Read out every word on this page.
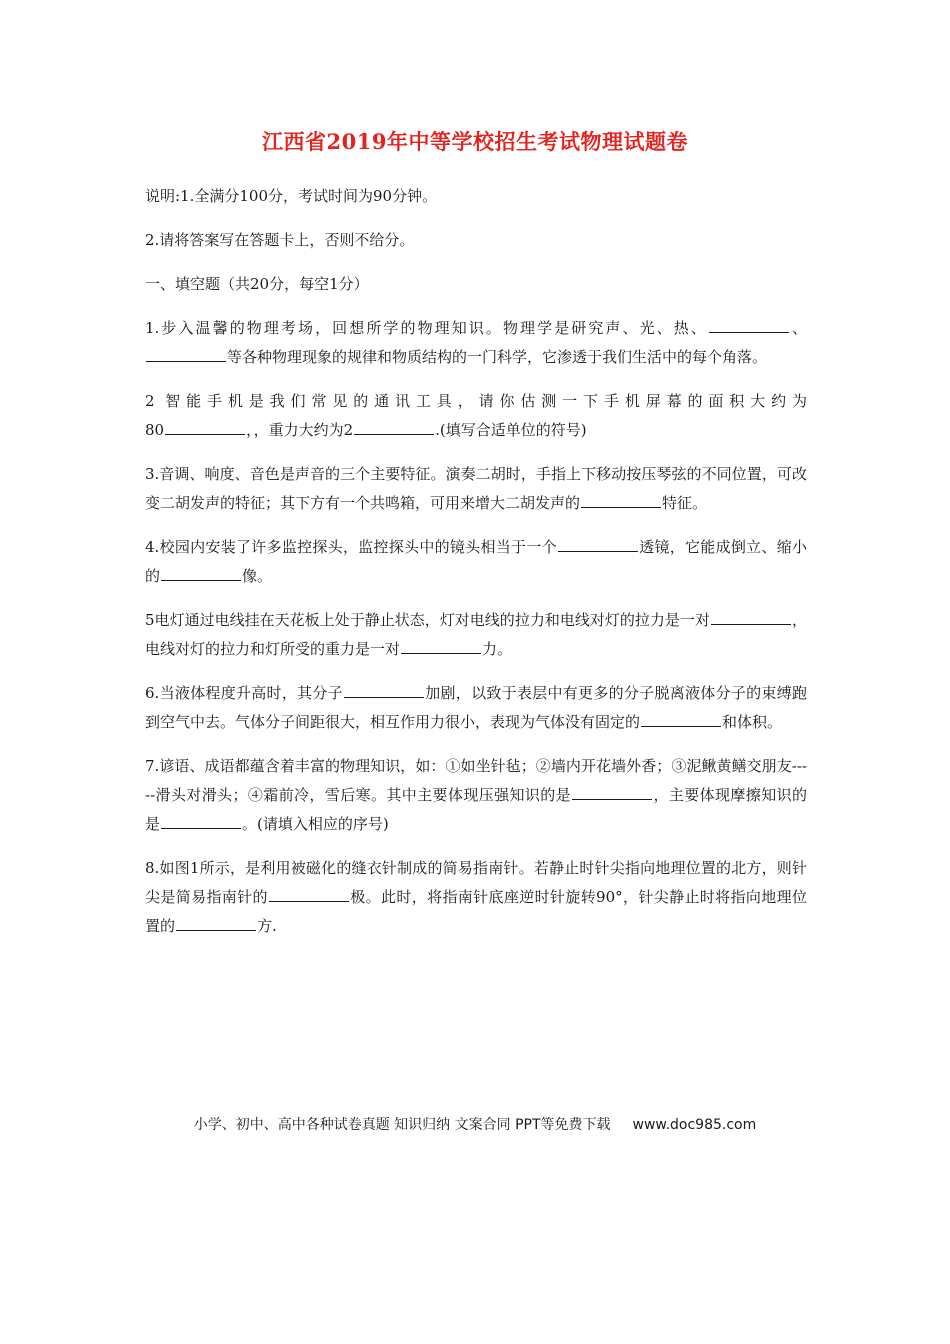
江西省2019年中等学校招生考试物理试题卷

说明:1.全满分100分，考试时间为90分钟。

2.请将答案写在答题卡上，否则不给分。

一、填空题（共20分，每空1分）

1.步入温馨的物理考场，回想所学的物理知识。物理学是研究声、光、热、	、等各种物理现象的规律和物质结构的一门科学，它渗透于我们生活中的每个角落。

2 智能手机是我们常见的通讯工具，请你估测一下手机屏幕的面积大约为
80	，，重力大约为2	.(填写合适单位的符号)

3.音调、响度、音色是声音的三个主要特征。演奏二胡时，手指上下移动按压琴弦的不同位置，可改变二胡发声的特征；其下方有一个共鸣箱，可用来增大二胡发声的	特征。

4.校园内安装了许多监控探头，监控探头中的镜头相当于一个	透镜，它能成倒立、缩小的	像。

5电灯通过电线挂在天花板上处于静止状态，灯对电线的拉力和电线对灯的拉力是一对	，电线对灯的拉力和灯所受的重力是一对	力。

6.当液体程度升高时，其分子	加剧，以致于表层中有更多的分子脱离液体分子的束缚跑到空气中去。气体分子间距很大，相互作用力很小，表现为气体没有固定的	和体积。

7.谚语、成语都蕴含着丰富的物理知识，如：①如坐针毡；②墙内开花墙外香；③泥鳅黄鳝交朋友-----滑头对滑头；④霜前冷，雪后寒。其中主要体现压强知识的是	，主要体现摩擦知识的是	。(请填入相应的序号)

8.如图1所示，是利用被磁化的缝衣针制成的简易指南针。若静止时针尖指向地理位置的北方，则针尖是简易指南针的	极。此时，将指南针底座逆时针旋转90°，针尖静止时将指向地理位置的	方.

小学、初中、高中各种试卷真题 知识归纳 文案合同 PPT等免费下载 www.doc985.com
